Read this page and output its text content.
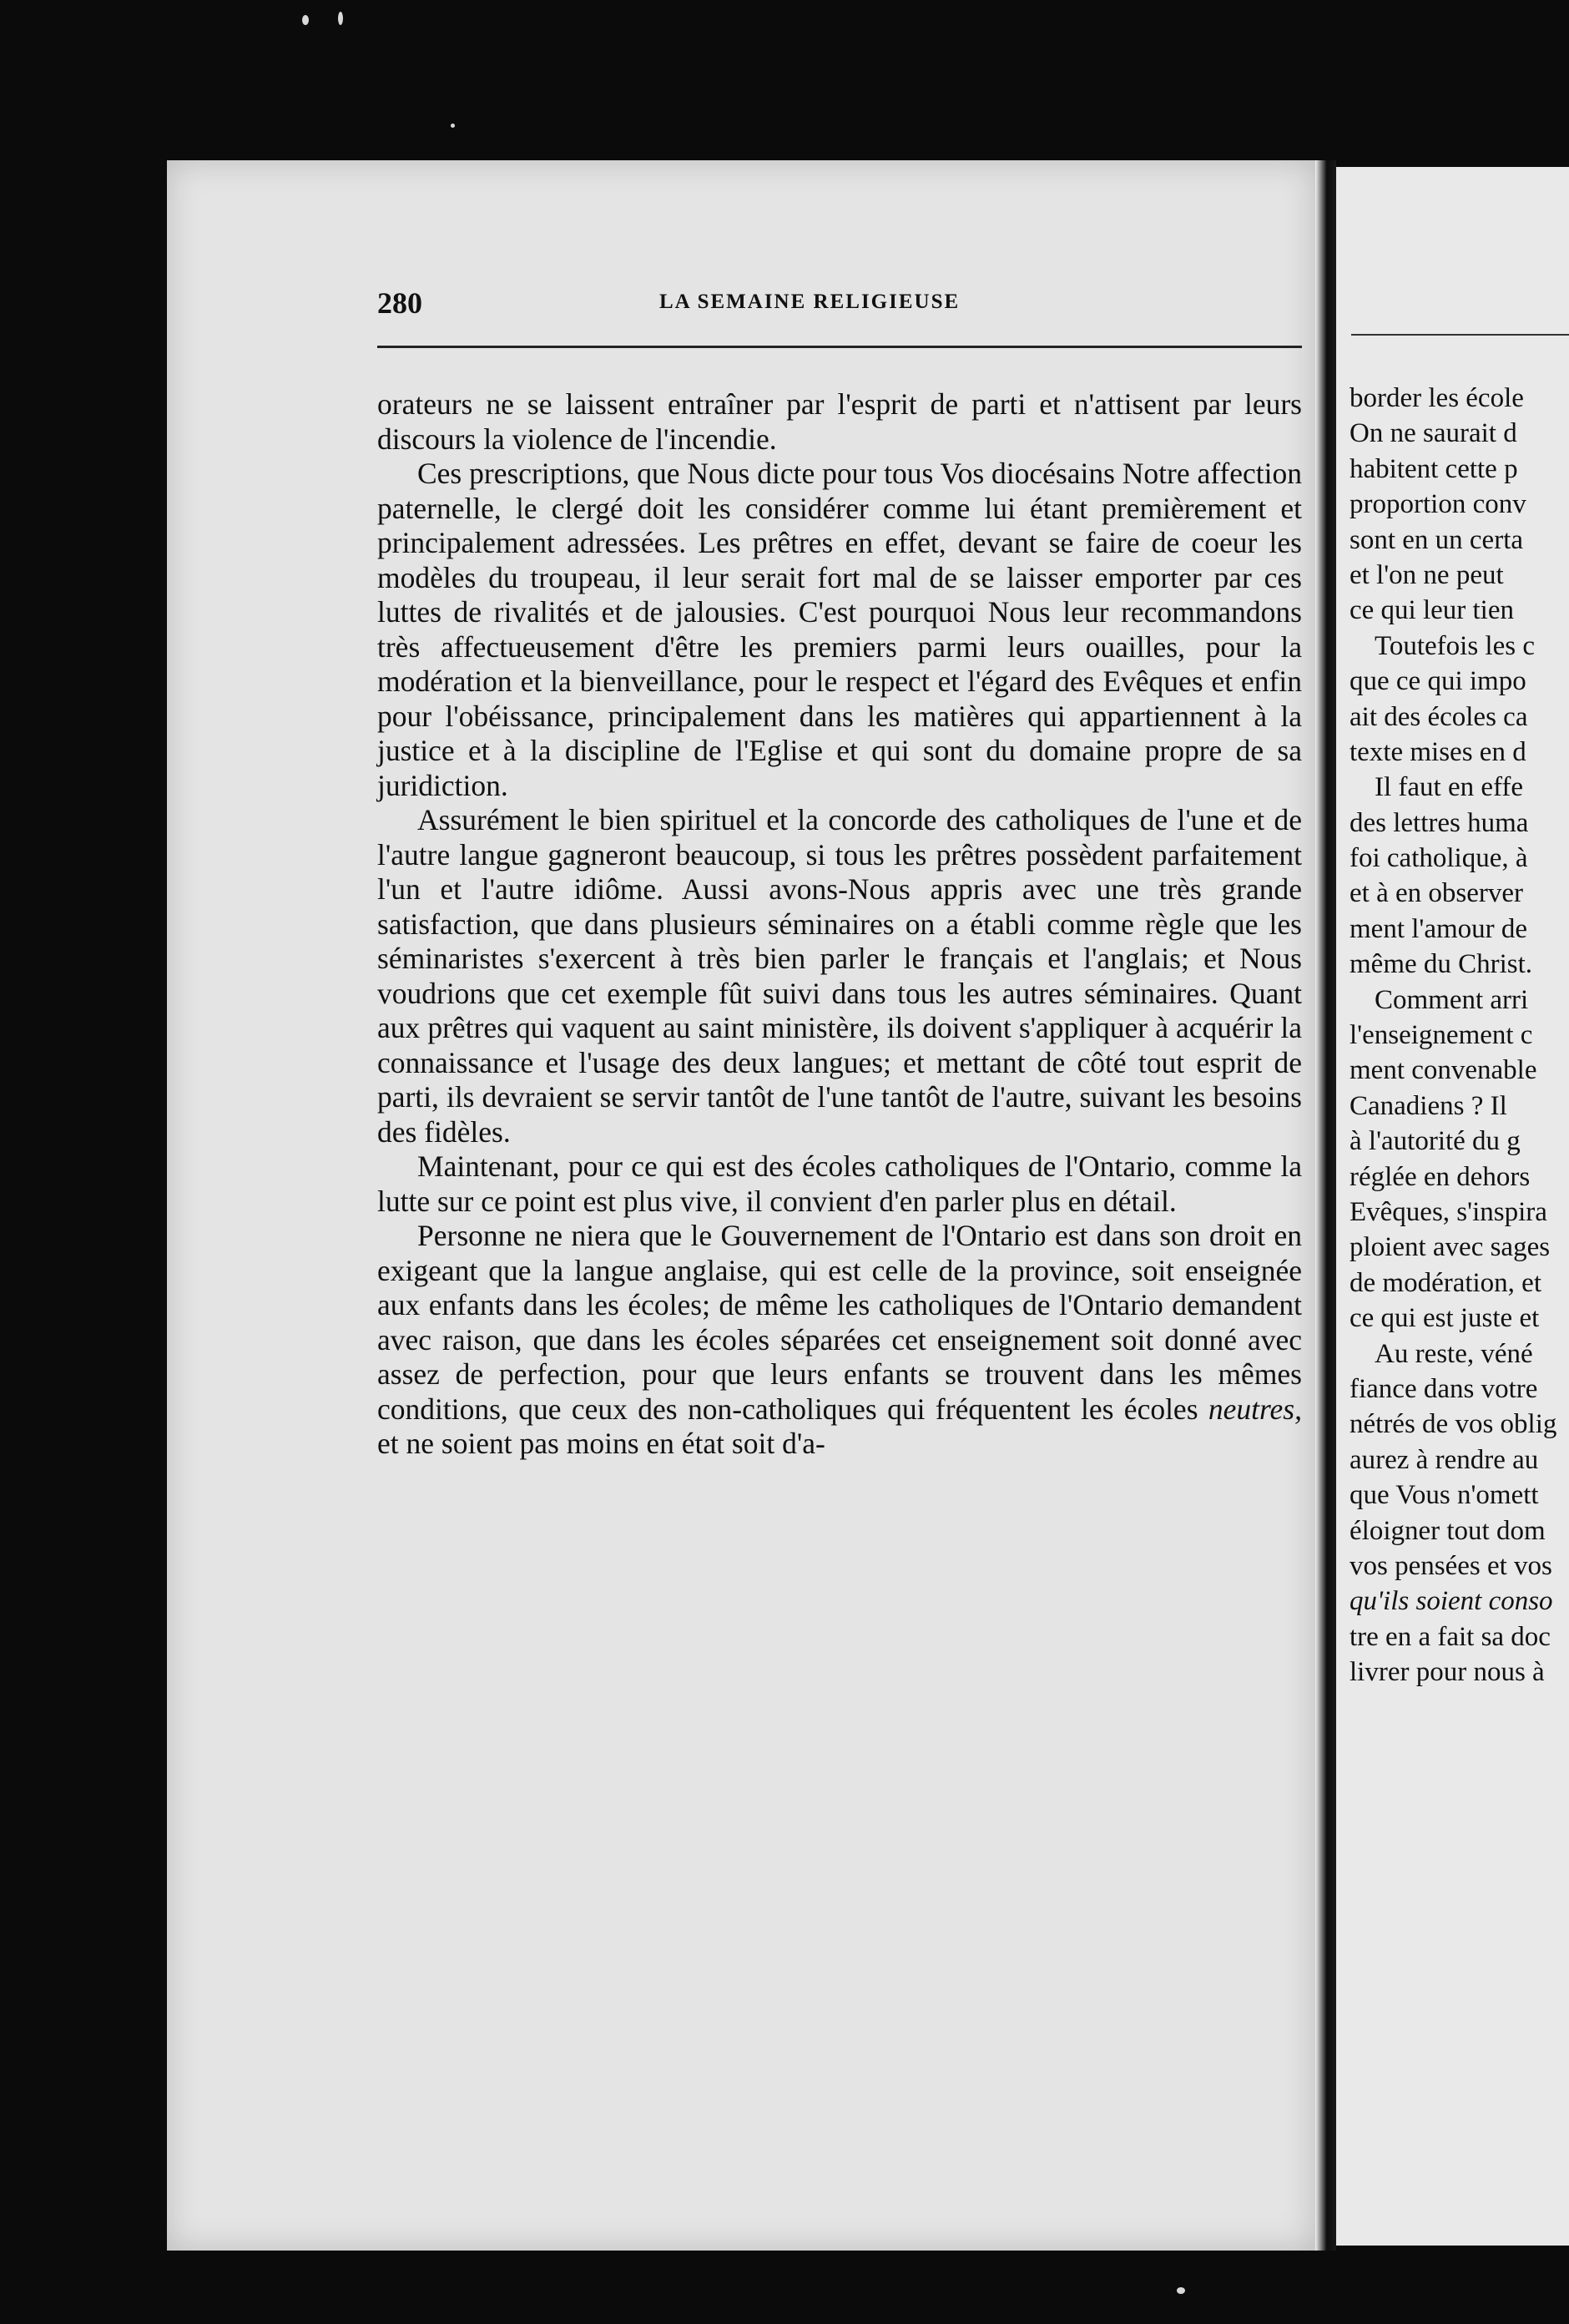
border les école
On ne saurait d
habitent cette p
proportion conv
sont en un certa
et l'on ne peut
ce qui leur tien
Toutefois les c
que ce qui impo
ait des écoles ca
texte mises en d
Il faut en effe
des lettres huma
foi catholique, à
et à en observer
ment l'amour de
même du Christ.
Comment arri
l'enseignement c
ment convenable
Canadiens ? Il
à l'autorité du g
réglée en dehors
Evêques, s'inspira
ploient avec sages
de modération, et
ce qui est juste et
Au reste, véné
fiance dans votre
nétrés de vos oblig
aurez à rendre au
que Vous n'omett
éloigner tout dom
vos pensées et vos
qu'ils soient conso
tre en a fait sa doc
livrer pour nous à
280	LA SEMAINE RELIGIEUSE

orateurs ne se laissent entraîner par l'esprit de parti et n'attisent par leurs discours la violence de l'incendie.

Ces prescriptions, que Nous dicte pour tous Vos diocésains Notre affection paternelle, le clergé doit les considérer comme lui étant premièrement et principalement adressées. Les prêtres en effet, devant se faire de coeur les modèles du troupeau, il leur serait fort mal de se laisser emporter par ces luttes de rivalités et de jalousies. C'est pourquoi Nous leur recommandons très affectueusement d'être les premiers parmi leurs ouailles, pour la modération et la bienveillance, pour le respect et l'égard des Evêques et enfin pour l'obéissance, principalement dans les matières qui appartiennent à la justice et à la discipline de l'Eglise et qui sont du domaine propre de sa juridiction.

Assurément le bien spirituel et la concorde des catholiques de l'une et de l'autre langue gagneront beaucoup, si tous les prêtres possèdent parfaitement l'un et l'autre idiôme. Aussi avons-Nous appris avec une très grande satisfaction, que dans plusieurs séminaires on a établi comme règle que les séminaristes s'exercent à très bien parler le français et l'anglais; et Nous voudrions que cet exemple fût suivi dans tous les autres séminaires. Quant aux prêtres qui vaquent au saint ministère, ils doivent s'appliquer à acquérir la connaissance et l'usage des deux langues; et mettant de côté tout esprit de parti, ils devraient se servir tantôt de l'une tantôt de l'autre, suivant les besoins des fidèles.

Maintenant, pour ce qui est des écoles catholiques de l'Ontario, comme la lutte sur ce point est plus vive, il convient d'en parler plus en détail.

Personne ne niera que le Gouvernement de l'Ontario est dans son droit en exigeant que la langue anglaise, qui est celle de la province, soit enseignée aux enfants dans les écoles; de même les catholiques de l'Ontario demandent avec raison, que dans les écoles séparées cet enseignement soit donné avec assez de perfection, pour que leurs enfants se trouvent dans les mêmes conditions, que ceux des non-catholiques qui fréquentent les écoles neutres, et ne soient pas moins en état soit d'a-
